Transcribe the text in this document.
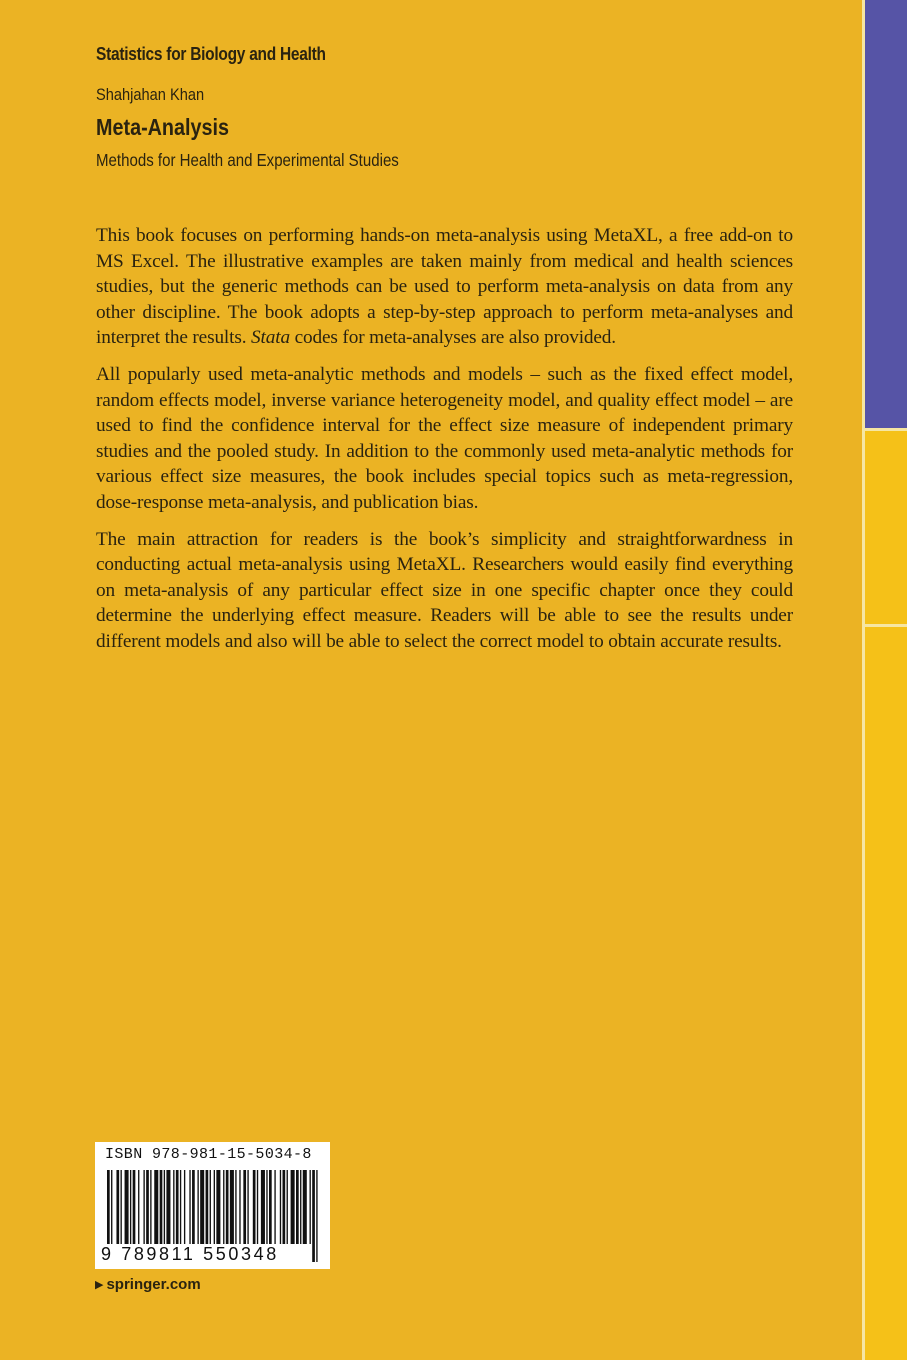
Statistics for Biology and Health
Shahjahan Khan
Meta-Analysis
Methods for Health and Experimental Studies

This book focuses on performing hands-on meta-analysis using MetaXL, a free add-on to MS Excel. The illustrative examples are taken mainly from medical and health sciences studies, but the generic methods can be used to perform meta-analysis on data from any other discipline. The book adopts a step-by-step approach to perform meta-analyses and interpret the results. Stata codes for meta-analyses are also provided.

All popularly used meta-analytic methods and models – such as the fixed effect model, random effects model, inverse variance heterogeneity model, and quality effect model – are used to find the confidence interval for the effect size measure of independent primary studies and the pooled study. In addition to the commonly used meta-analytic methods for various effect size measures, the book includes special topics such as meta-regression, dose-response meta-analysis, and publication bias.

The main attraction for readers is the book’s simplicity and straightforwardness in conducting actual meta-analysis using MetaXL. Researchers would easily find everything on meta-analysis of any particular effect size in one specific chapter once they could determine the underlying effect measure. Readers will be able to see the results under different models and also will be able to select the correct model to obtain accurate results.

ISBN 978-981-15-5034-8
9 789811 550348
▶ springer.com
